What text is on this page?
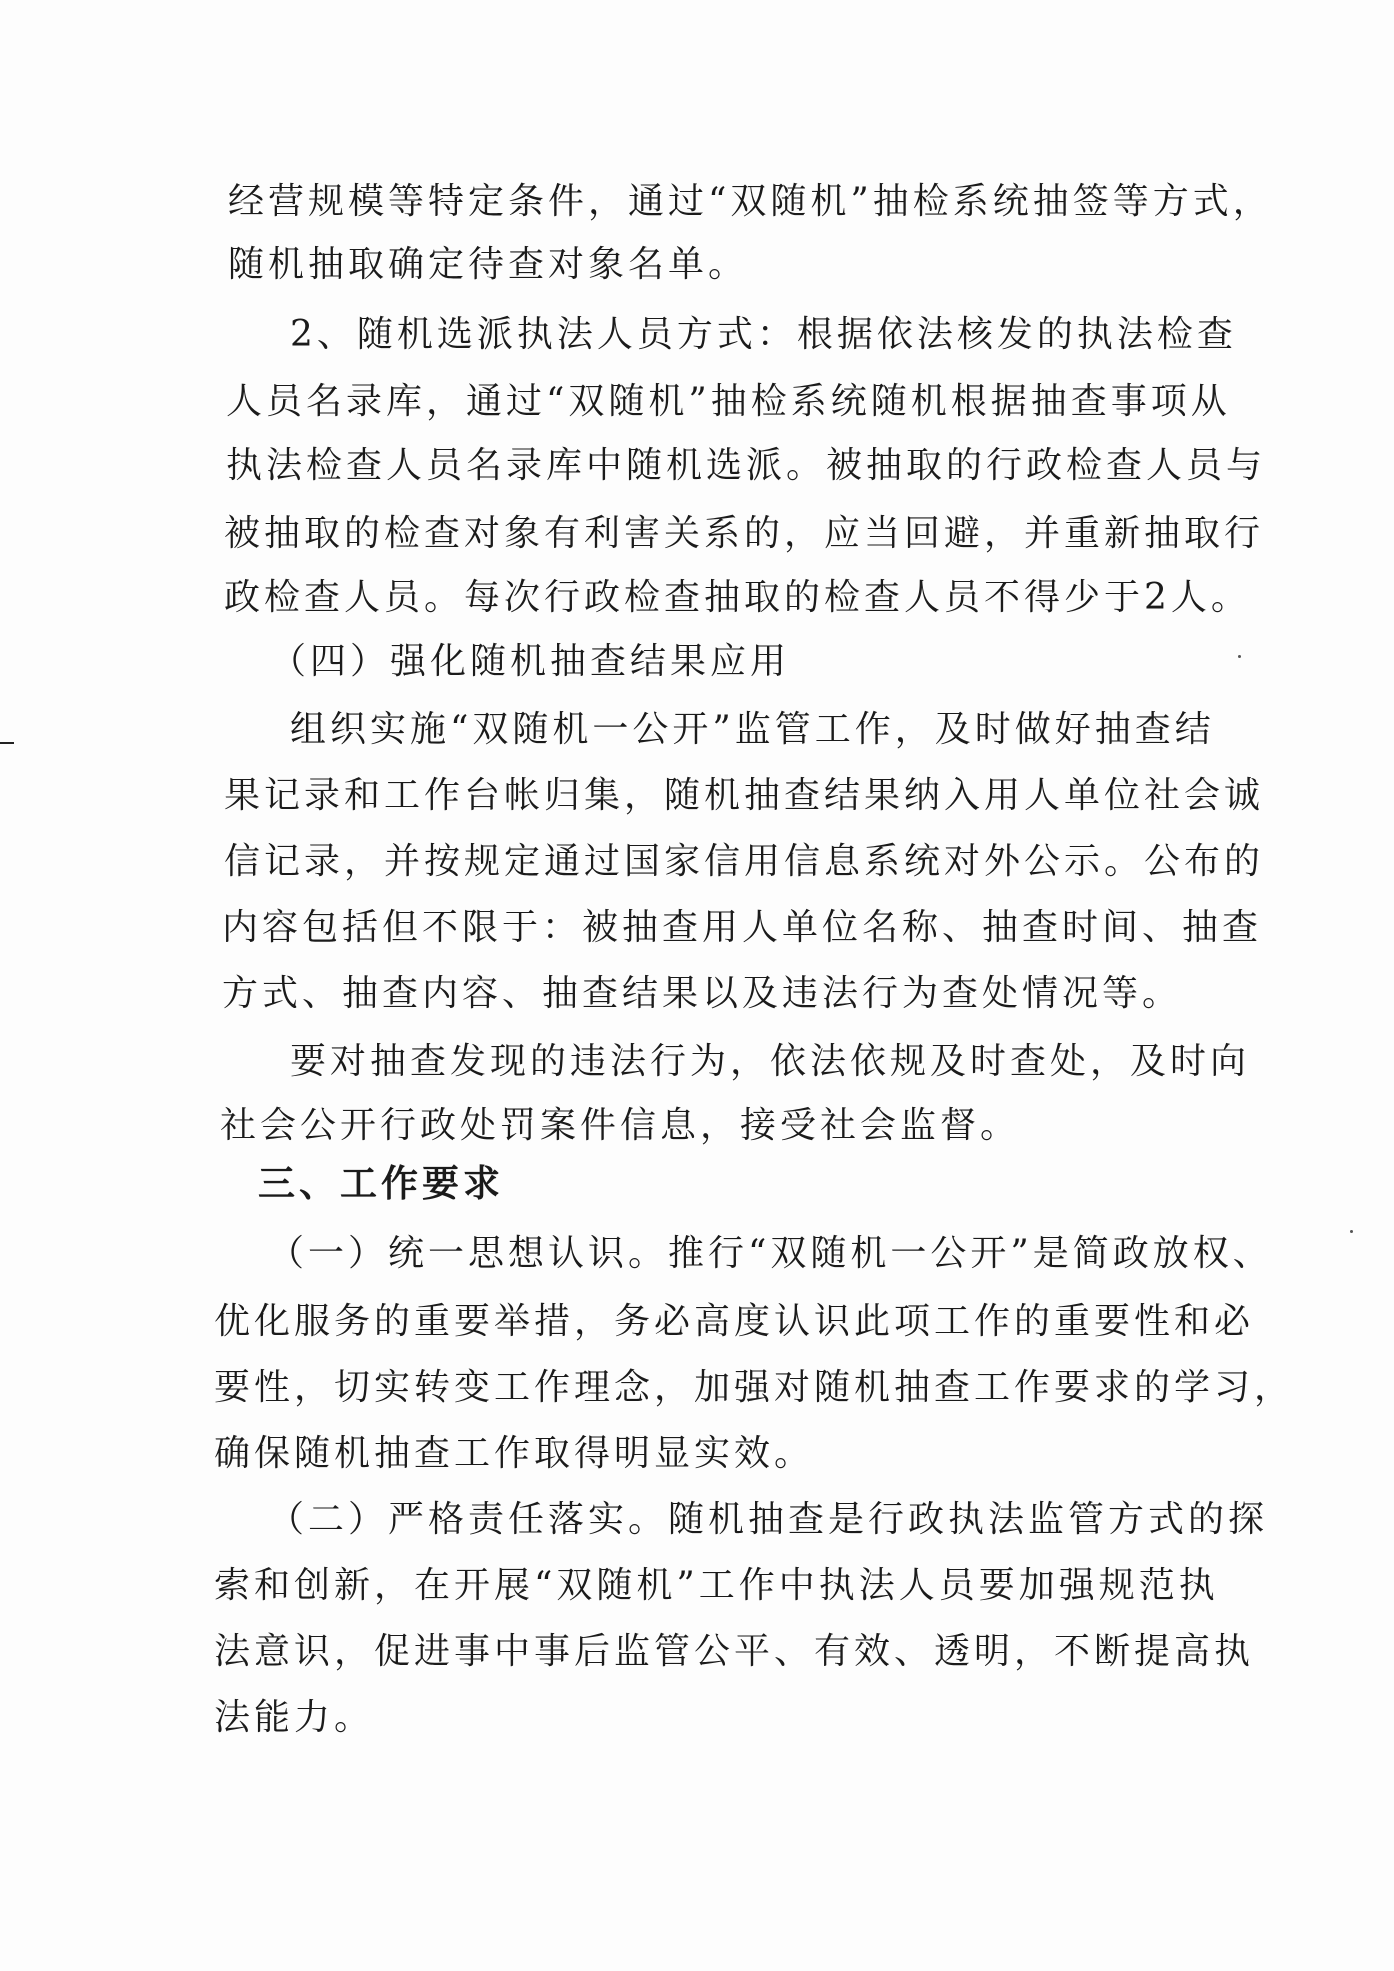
经营规模等特定条件，通过“双随机”抽检系统抽签等方式，
随机抽取确定待查对象名单。
2、随机选派执法人员方式：根据依法核发的执法检查
人员名录库，通过“双随机”抽检系统随机根据抽查事项从
执法检查人员名录库中随机选派。被抽取的行政检查人员与
被抽取的检查对象有利害关系的，应当回避，并重新抽取行
政检查人员。每次行政检查抽取的检查人员不得少于2人。
（四）强化随机抽查结果应用
组织实施“双随机一公开”监管工作，及时做好抽查结
果记录和工作台帐归集，随机抽查结果纳入用人单位社会诚
信记录，并按规定通过国家信用信息系统对外公示。公布的
内容包括但不限于：被抽查用人单位名称、抽查时间、抽查
方式、抽查内容、抽查结果以及违法行为查处情况等。
要对抽查发现的违法行为，依法依规及时查处，及时向
社会公开行政处罚案件信息，接受社会监督。
三、工作要求
（一）统一思想认识。推行“双随机一公开”是简政放权、
优化服务的重要举措，务必高度认识此项工作的重要性和必
要性，切实转变工作理念，加强对随机抽查工作要求的学习，
确保随机抽查工作取得明显实效。
（二）严格责任落实。随机抽查是行政执法监管方式的探
索和创新，在开展“双随机”工作中执法人员要加强规范执
法意识，促进事中事后监管公平、有效、透明，不断提高执
法能力。
